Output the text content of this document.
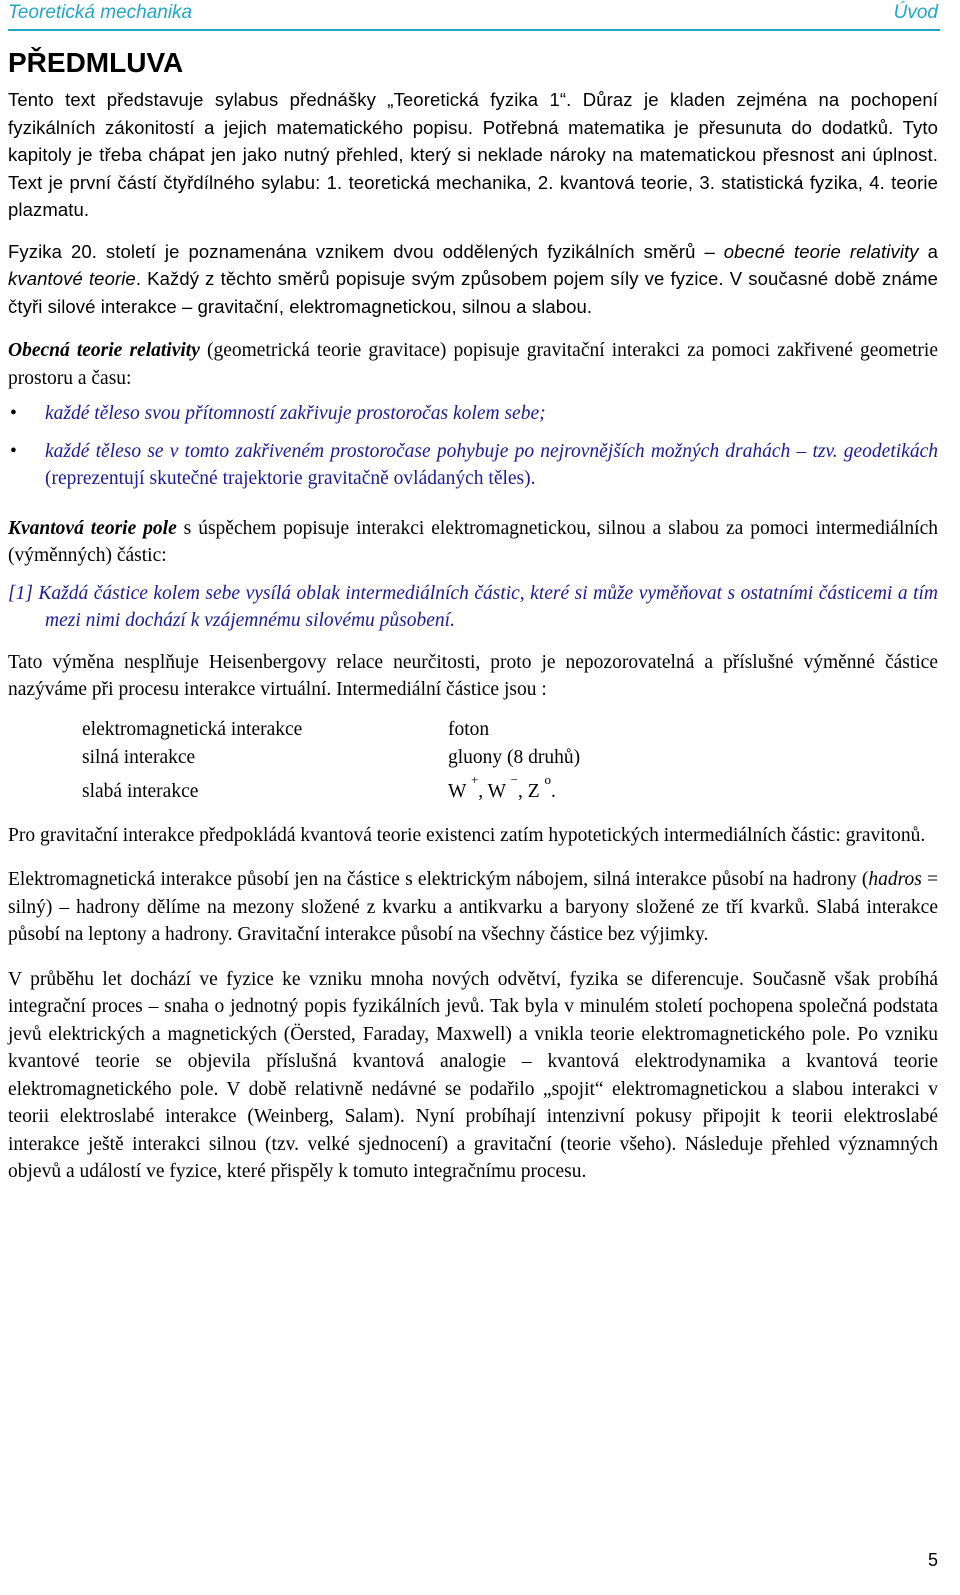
Teoretická mechanika	Úvod
PŘEDMLUVA

Tento text představuje sylabus přednášky „Teoretická fyzika 1“. Důraz je kladen zejména na pochopení fyzikálních zákonitostí a jejich matematického popisu. Potřebná matematika je přesunuta do dodatků. Tyto kapitoly je třeba chápat jen jako nutný přehled, který si neklade nároky na matematickou přesnost ani úplnost. Text je první částí čtyřdílného sylabu: 1. teoretická mechanika, 2. kvantová teorie, 3. statistická fyzika, 4. teorie plazmatu.

Fyzika 20. století je poznamenána vznikem dvou oddělených fyzikálních směrů – obecné teorie relativity a kvantové teorie. Každý z těchto směrů popisuje svým způsobem pojem síly ve fyzice. V současné době známe čtyři silové interakce – gravitační, elektromagnetickou, silnou a slabou.

Obecná teorie relativity (geometrická teorie gravitace) popisuje gravitační interakci za pomoci zakřivené geometrie prostoru a času:

• každé těleso svou přítomností zakřivuje prostoročas kolem sebe;
• každé těleso se v tomto zakřiveném prostoročase pohybuje po nejrovnějších možných drahách – tzv. geodetikách (reprezentují skutečné trajektorie gravitačně ovládaných těles).

Kvantová teorie pole s úspěchem popisuje interakci elektromagnetickou, silnou a slabou za pomoci intermediálních (výměnných) částic:

[1] Každá částice kolem sebe vysílá oblak intermediálních částic, které si může vyměňovat s ostatními částicemi a tím mezi nimi dochází k vzájemnému silovému působení.

Tato výměna nesplňuje Heisenbergovy relace neurčitosti, proto je nepozorovatelná a příslušné výměnné částice nazýváme při procesu interakce virtuální. Intermediální částice jsou :

elektromagnetická interakce	foton
silná interakce	gluony (8 druhů)
slabá interakce	W +, W −, Z $^o$.

Pro gravitační interakce předpokládá kvantová teorie existenci zatím hypotetických intermediálních částic: gravitonů.

Elektromagnetická interakce působí jen na částice s elektrickým nábojem, silná interakce působí na hadrony (hadros = silný) – hadrony dělíme na mezony složené z kvarku a antikvarku a baryony složené ze tří kvarků. Slabá interakce působí na leptony a hadrony. Gravitační interakce působí na všechny částice bez výjimky.

V průběhu let dochází ve fyzice ke vzniku mnoha nových odvětví, fyzika se diferencuje. Současně však probíhá integrační proces – snaha o jednotný popis fyzikálních jevů. Tak byla v minulém století pochopena společná podstata jevů elektrických a magnetických (Öersted, Faraday, Maxwell) a vnikla teorie elektromagnetického pole. Po vzniku kvantové teorie se objevila příslušná kvantová analogie – kvantová elektrodynamika a kvantová teorie elektromagnetického pole. V době relativně nedávné se podařilo „spojit“ elektromagnetickou a slabou interakci v teorii elektroslabé interakce (Weinberg, Salam). Nyní probíhají intenzivní pokusy připojit k teorii elektroslabé interakce ještě interakci silnou (tzv. velké sjednocení) a gravitační (teorie všeho). Následuje přehled významných objevů a událostí ve fyzice, které přispěly k tomuto integračnímu procesu.

5
